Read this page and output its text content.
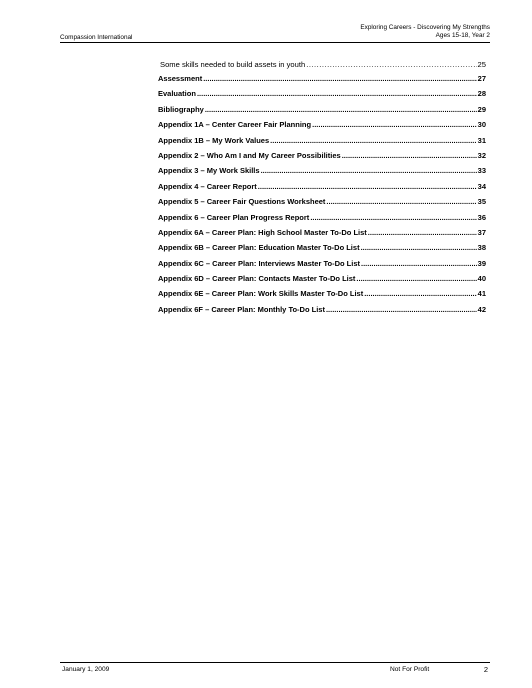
Compassion International
Exploring Careers - Discovering My Strengths
Ages 15-18, Year 2
Some skills needed to build assets in youth .....	25
Assessment .....	27
Evaluation .....	28
Bibliography .....	29
Appendix 1A – Center Career Fair Planning .....	30
Appendix 1B – My Work Values .....	31
Appendix 2 – Who Am I and My Career Possibilities .....	32
Appendix 3 – My Work Skills .....	33
Appendix 4 – Career Report .....	34
Appendix 5 – Career Fair Questions Worksheet .....	35
Appendix 6 – Career Plan Progress Report .....	36
Appendix 6A – Career Plan: High School Master To-Do List .....	37
Appendix 6B – Career Plan: Education Master To-Do List .....	38
Appendix 6C – Career Plan: Interviews Master To-Do List .....	39
Appendix 6D – Career Plan: Contacts Master To-Do List .....	40
Appendix 6E – Career Plan: Work Skills Master To-Do List .....	41
Appendix 6F – Career Plan: Monthly To-Do List .....	42
January 1, 2009	Not For Profit	2
